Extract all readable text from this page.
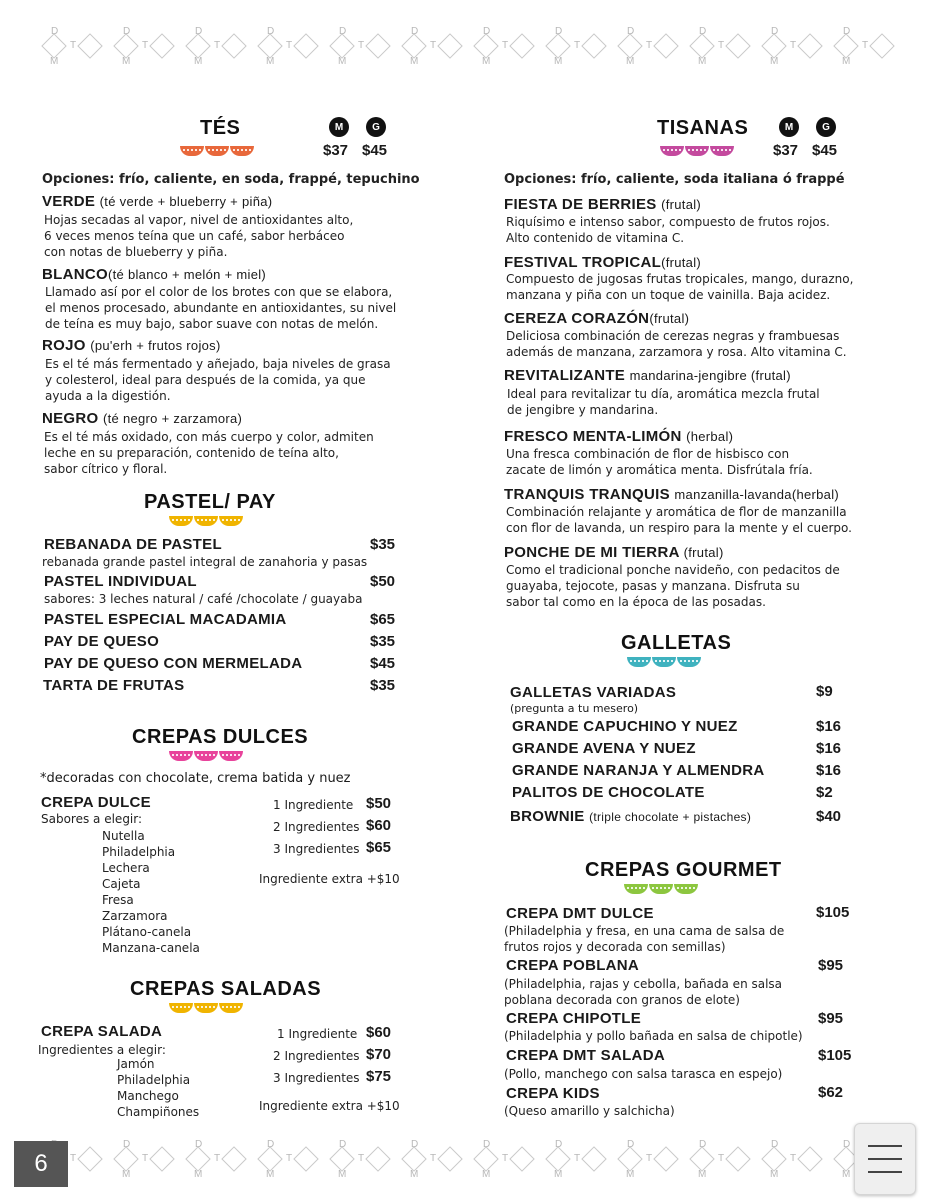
D
M
T
D
M
T
D
M
T
D
M
T
D
M
T
D
M
T
D
M
T
D
M
T
D
M
T
D
M
T
D
M
T
D
M
T
T
D
M
T
D
M
T
D
M
T
D
M
T
D
M
T
D
M
T
D
M
T
D
M
T
D
M
T
D
M
T
D
M
TÉS	M	G
$37 $45
Opciones: frío, caliente, en soda, frappé, tepuchino
VERDE (té verde + blueberry + piña)
Hojas secadas al vapor, nivel de antioxidantes alto,
6 veces menos teína que un café, sabor herbáceo
con notas de blueberry y piña.
BLANCO(té blanco + melón + miel)
Llamado así por el color de los brotes con que se elabora,
el menos procesado, abundante en antioxidantes, su nivel
de teína es muy bajo, sabor suave con notas de melón.
ROJO (pu'erh + frutos rojos)
Es el té más fermentado y añejado, baja niveles de grasa
y colesterol, ideal para después de la comida, ya que
ayuda a la digestión.
NEGRO (té negro + zarzamora)
Es el té más oxidado, con más cuerpo y color, admiten
leche en su preparación, contenido de teína alto,
sabor cítrico y floral.
PASTEL/ PAY
REBANADA DE PASTEL	$35
rebanada grande pastel integral de zanahoria y pasas
PASTEL INDIVIDUAL	$50
sabores: 3 leches natural / café /chocolate / guayaba
PASTEL ESPECIAL MACADAMIA	$65
PAY DE QUESO	$35
PAY DE QUESO CON MERMELADA	$45
TARTA DE FRUTAS	$35
CREPAS DULCES
*decoradas con chocolate, crema batida y nuez
CREPA DULCE
Sabores a elegir:
Nutella
Philadelphia
Lechera
Cajeta
Fresa
Zarzamora
Plátano-canela
Manzana-canela
1 Ingrediente $50
2 Ingredientes $60
3 Ingredientes $65
Ingrediente extra +$10
CREPAS SALADAS
CREPA SALADA
Ingredientes a elegir:
Jamón
Philadelphia
Manchego
Champiñones
1 Ingrediente $60
2 Ingredientes $70
3 Ingredientes $75
Ingrediente extra +$10
TISANAS	M	G
$37 $45
Opciones: frío, caliente, soda italiana ó frappé
FIESTA DE BERRIES (frutal)
Riquísimo e intenso sabor, compuesto de frutos rojos.
Alto contenido de vitamina C.
FESTIVAL TROPICAL(frutal)
Compuesto de jugosas frutas tropicales, mango, durazno,
manzana y piña con un toque de vainilla. Baja acidez.
CEREZA CORAZÓN(frutal)
Deliciosa combinación de cerezas negras y frambuesas
además de manzana, zarzamora y rosa. Alto vitamina C.
REVITALIZANTE mandarina-jengibre (frutal)
Ideal para revitalizar tu día, aromática mezcla frutal
de jengibre y mandarina.
FRESCO MENTA-LIMÓN (herbal)
Una fresca combinación de flor de hisbisco con
zacate de limón y aromática menta. Disfrútala fría.
TRANQUIS TRANQUIS manzanilla-lavanda(herbal)
Combinación relajante y aromática de flor de manzanilla
con flor de lavanda, un respiro para la mente y el cuerpo.
PONCHE DE MI TIERRA (frutal)
Como el tradicional ponche navideño, con pedacitos de
guayaba, tejocote, pasas y manzana. Disfruta su
sabor tal como en la época de las posadas.
GALLETAS
GALLETAS VARIADAS	$9
(pregunta a tu mesero)
GRANDE CAPUCHINO Y NUEZ	$16
GRANDE AVENA Y NUEZ	$16
GRANDE NARANJA Y ALMENDRA	$16
PALITOS DE CHOCOLATE	$2
BROWNIE (triple chocolate + pistaches)	$40
CREPAS GOURMET
CREPA DMT DULCE	$105
(Philadelphia y fresa, en una cama de salsa de
frutos rojos y decorada con semillas)
CREPA POBLANA	$95
(Philadelphia, rajas y cebolla, bañada en salsa
poblana decorada con granos de elote)
CREPA CHIPOTLE	$95
(Philadelphia y pollo bañada en salsa de chipotle)
CREPA DMT SALADA	$105
(Pollo, manchego con salsa tarasca en espejo)
CREPA KIDS	$62
(Queso amarillo y salchicha)
6
